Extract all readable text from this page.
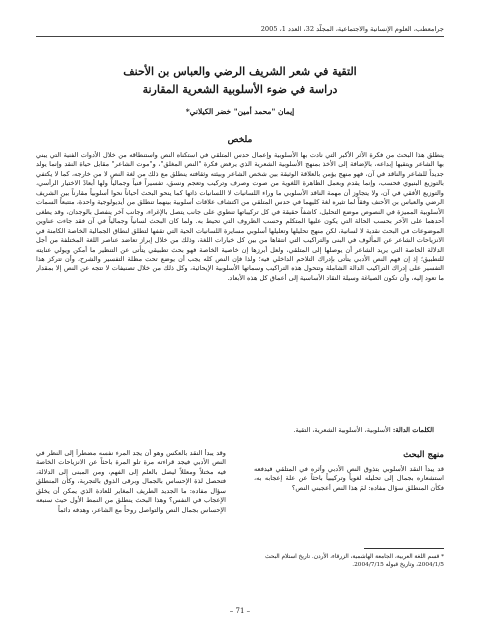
جرامعطب، العلوم الإنسانية والاجتماعية، المجلّد 32، العدد 1، 2005
التقية في شعر الشريف الرضي والعباس بن الأحنف
دراسة في ضوء الأسلوبية الشعرية المقارنة
إيمان "محمد أمين" خضر الكيلاني*
ملخص

ينطلق هذا البحث من فكرة الأثر الأكبر التي نادت بها الأسلوبية وإعمال حدس المتلقي في استكناه النص واستنطاقه من خلال الأدوات الفنية التي يبني بها الشاعر ويتقيها إبداعه، بالإضافة إلى الأخذ بمنهج الأسلوبية الشعرية الذي يرفض فكرة "النص المغلق"، و"موت الشاعر" مقابل حياة النقد وإنما يولد جديداً للشاعر والناقد في آن، فهو منهج يؤمن بالعلاقة الوثيقة بين شخص الشاعر وبيئته وثقافته ينطلق مع ذلك من لغة النص لا من خارجه، كما لا يكتفي بالتوزيع البنيوي فحسب، وإنما يقدم وبعمل الظاهرة اللغوية من صوت وصرف وتركيب وتعجم ونسق، تفسيراً فنياً وجمالياً ولها أبعادً الاختيار الرأسي، والتوزيع الأفقي في آن، ولا يتجاوز أن مهمة الناقد الأسلوبي ما وراء اللسانيات لا اللسانيات ذاتها كما ينحو البحث أحياناً نحوا أسلوبياً مقارناً بين الشريف الرضي والعباس بن الأحنف وفقاً لما تثيره لغة كليهما في حدس المتلقي من اكتشاف علاقات أسلوبية بينهما تنطلق من أيديولوجية واحدة، متتبعاً السمات الأسلوبية المميزة في النصوص موضع التحليل، كاشفاً حقيقة في كل تركيباتها تنطوي على جانب يتصل بالإغراء، وجانب آخر ينفصل بالوجدان، وقد يطغى أحدهما على الآخر بحسب الحالة التي يكون عليها المتكلم وحسب الظروف التي تحيط به. ولما كان البحث لسانياً وجمالياً في آن فقد جاءت عناوين الموضوعات في البحث نقدية لا لسانية، لكن منهج تحليلها وتعليلها أسلوبي مسايرة اللسانيات الحية التي تقفها لتطلق لنطاق الجمالية الخاصة الكامنة في الانزياحات الشاعر عن المألوف في البنى والتراكيب التي انتقاها من بين كل خيارات اللغة، وذلك من خلال إبراز تعاضد عناصر اللغة المختلفة من أجل الدلالة الخاصة التي يريد الشاعر أن يوصلها إلى المتلقي، ولعل أبرزها إن خاصية الخاصة فهو بحث تطبيقي يتأتى عن التنظير ما أمكن ويولي عنايته للتطبيق؛ إذ إن فهم النص الأدبي يتأتى بإدراك التلاحم الداخلي فيه؛ ولذا فإن النص كله يجب أن يوضع تحت مظلة التفسير والشرح، وأن تتركز هذا التفسير على إدراك التراكيب الدالة الشاملة وتتحول هذه التراكيب وسماتها الأسلوبية الإيحائية، وكل ذلك من خلال تصنيفات لا تتجه عن النص إلا بمقدار ما تعود إليه، وأن تكون الصياغة وسيلة النقاد الأساسية إلى أعماق كل هذه الأبعاد.

الكلمات الدالة: الأسلوبية، الأسلوبية الشعرية، التقية.
منهج البحث

قد يبدأ النقد الأسلوبي بتذوق النص الأدبي وأثره في المتلقي فيدفعه استشعاره بجمال إلى تحليله لغوياً وتركيبياً باحثاً عن علة إعجابه به، فكأن المنطلق سؤال مفاده: لمَ هذا النص أعجبني النص؟

* قسم اللغة العربية، الجامعة الهاشمية، الزرقاء، الأردن. تاريخ استلام البحث 2004/1/5، وتاريخ قبوله 2004/7/15.

وقد يبدأ النقد بالعكس وهو أن يجد المرء نفسه مضطراً إلى النظر في النص الأدبي فيجد قراءته مرة تلو المرة باحثاً عن الانزياحات الخاصة فيه مختلاً ومعللاً ليصل بالعلم إلى الفهم، ومن المبنى إلى الدلالة، فتحصل لذة الإحساس بالجمال وبرقى الذوق بالتجربة، وكأن المنطلق سؤال مفاده: ما الجديد الطريف المغاير للعادة الذي يمكن أن يخلق الإعجاب في النفس؟ وهذا البحث ينطلق من النمط الأول حيث سنبعه الإحساس بجمال النص والتواصل روحاً مع الشاعر، وهدفه دائماً

– 71 –
